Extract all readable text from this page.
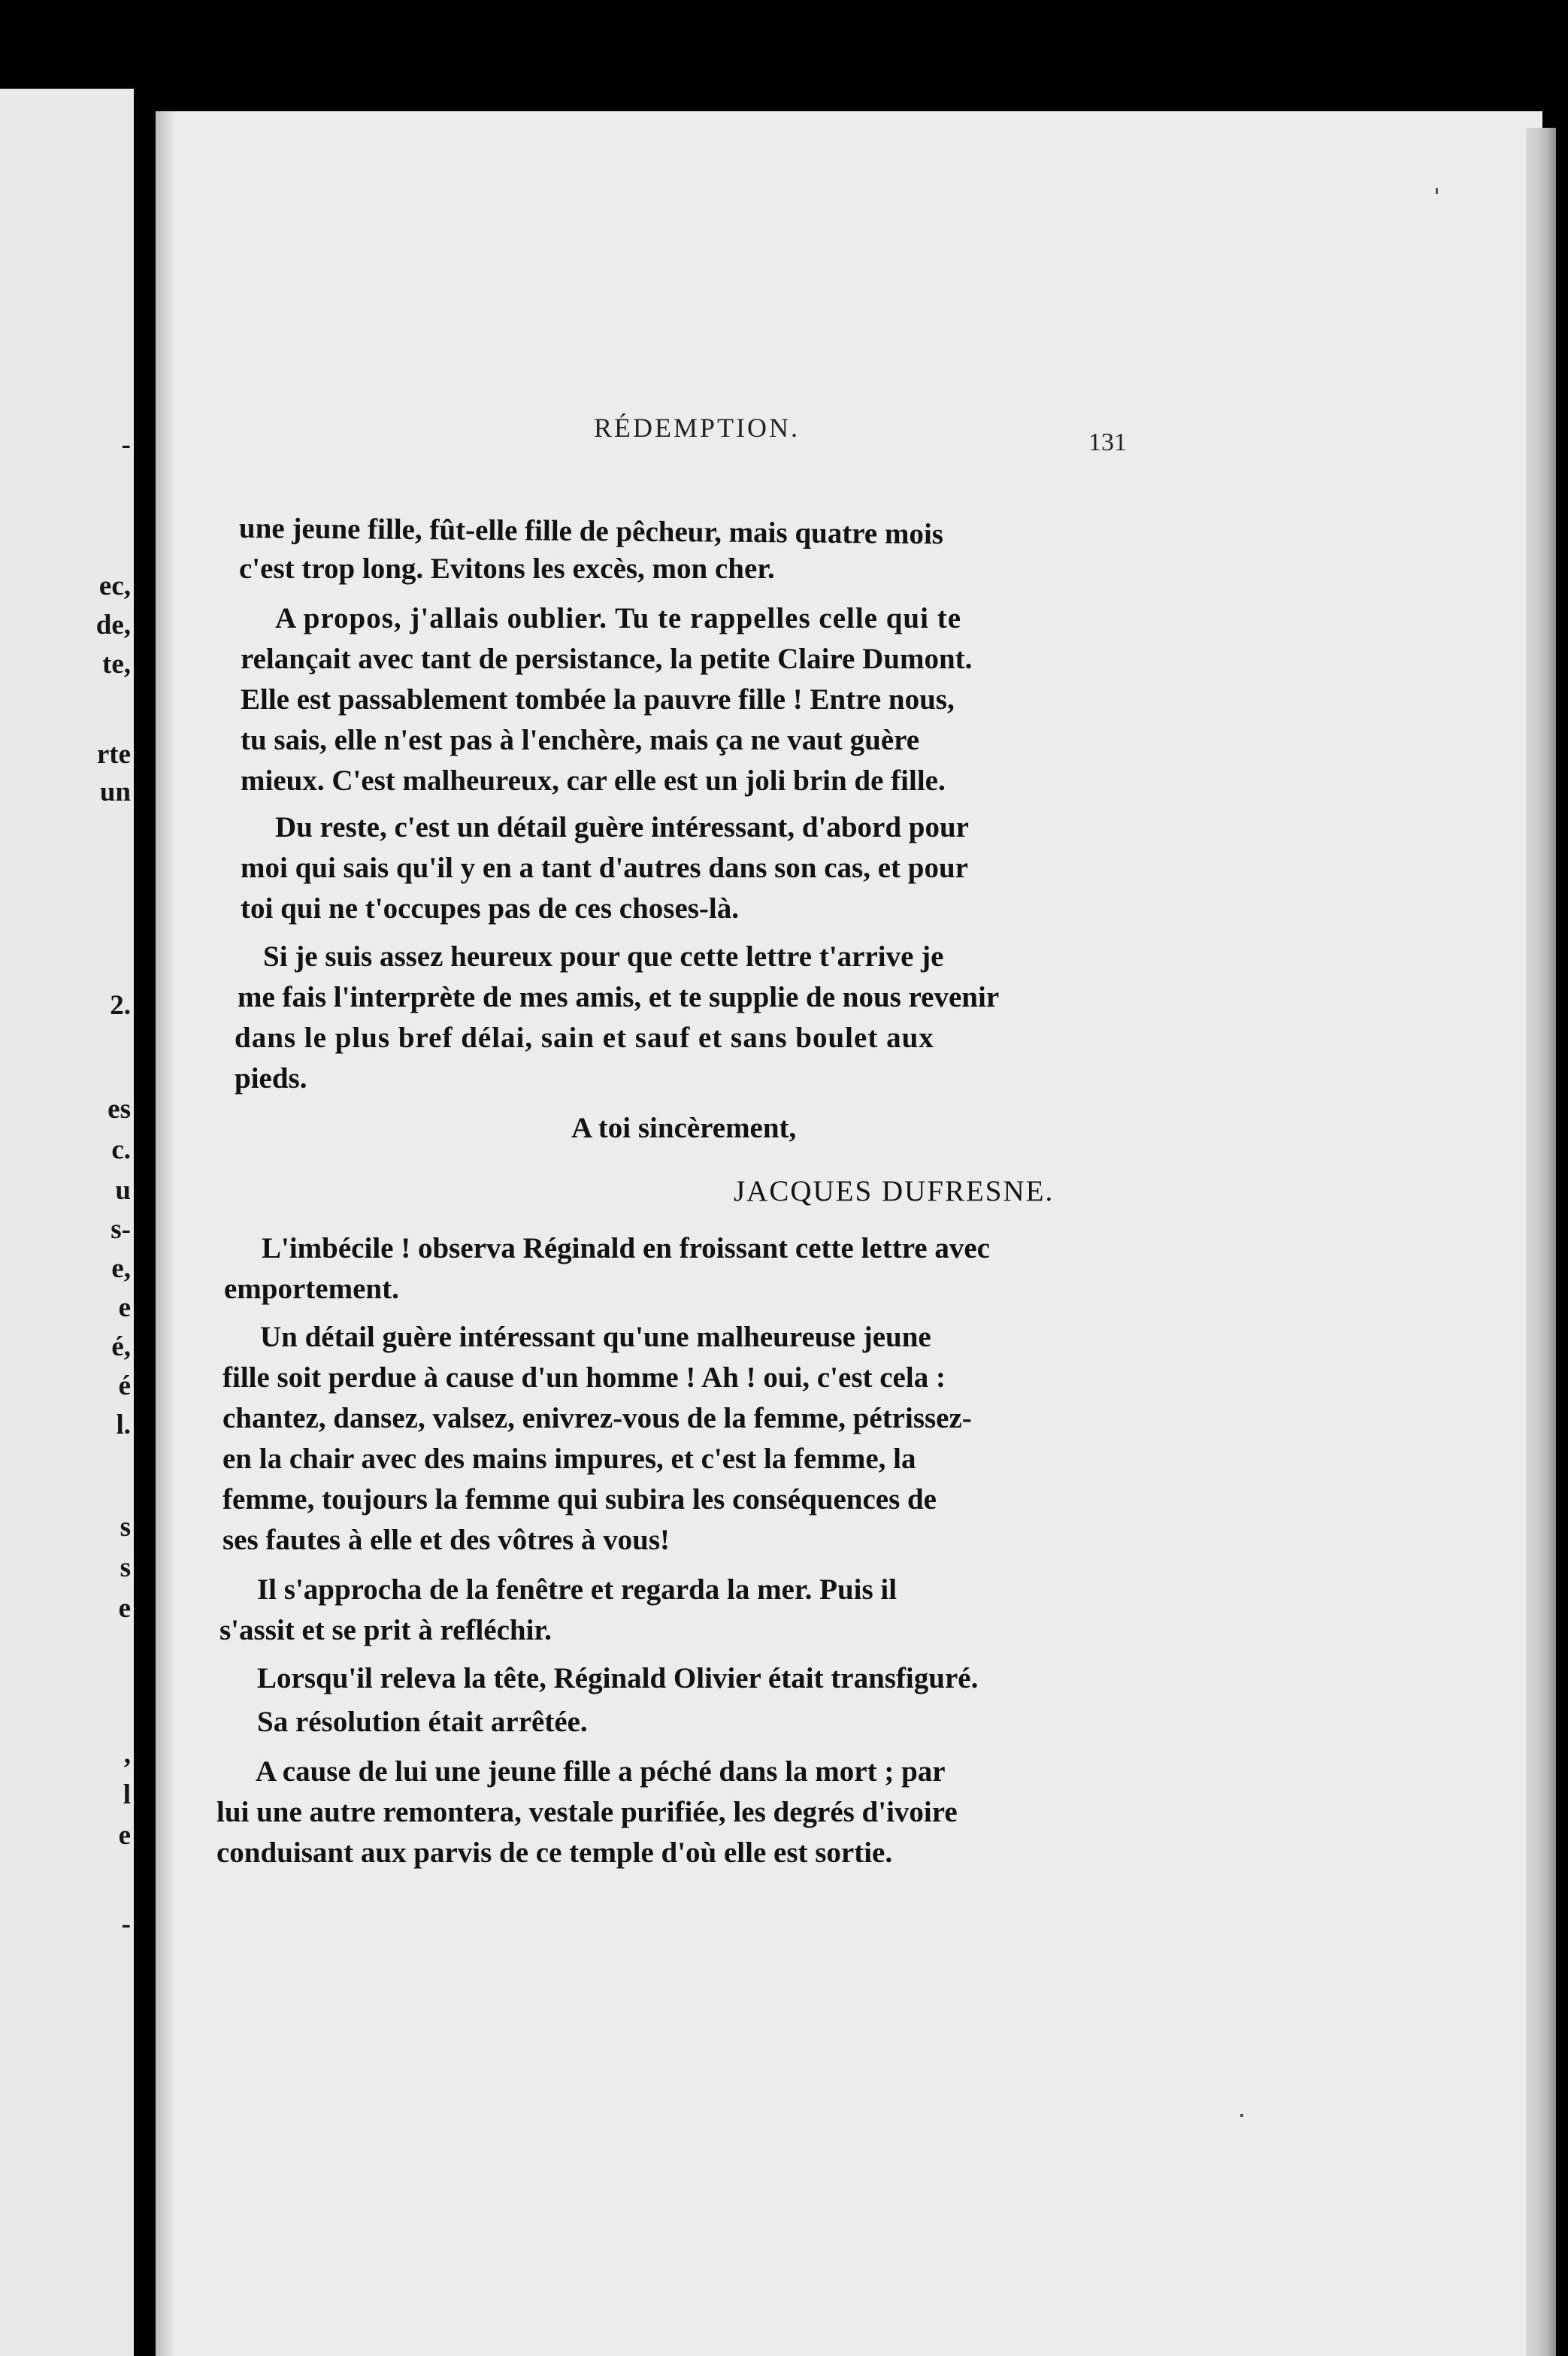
-
ec,
de,
te,
rte
un
2.
es
c.
u
s-
e,
e
é,
é
l.
s
s
e
,
l
e
-
RÉDEMPTION.	131
une jeune fille, fût-elle fille de pêcheur, mais quatre mois
c'est trop long. Evitons les excès, mon cher.
A propos, j'allais oublier. Tu te rappelles celle qui te
relançait avec tant de persistance, la petite Claire Dumont.
Elle est passablement tombée la pauvre fille ! Entre nous,
tu sais, elle n'est pas à l'enchère, mais ça ne vaut guère
mieux. C'est malheureux, car elle est un joli brin de fille.
Du reste, c'est un détail guère intéressant, d'abord pour
moi qui sais qu'il y en a tant d'autres dans son cas, et pour
toi qui ne t'occupes pas de ces choses-là.
Si je suis assez heureux pour que cette lettre t'arrive je
me fais l'interprète de mes amis, et te supplie de nous revenir
dans le plus bref délai, sain et sauf et sans boulet aux
pieds.
A toi sincèrement,
JACQUES DUFRESNE.
L'imbécile ! observa Réginald en froissant cette lettre avec
emportement.
Un détail guère intéressant qu'une malheureuse jeune
fille soit perdue à cause d'un homme ! Ah ! oui, c'est cela :
chantez, dansez, valsez, enivrez-vous de la femme, pétrissez-
en la chair avec des mains impures, et c'est la femme, la
femme, toujours la femme qui subira les conséquences de
ses fautes à elle et des vôtres à vous!
Il s'approcha de la fenêtre et regarda la mer. Puis il
s'assit et se prit à refléchir.
Lorsqu'il releva la tête, Réginald Olivier était transfiguré.
Sa résolution était arrêtée.
A cause de lui une jeune fille a péché dans la mort ; par
lui une autre remontera, vestale purifiée, les degrés d'ivoire
conduisant aux parvis de ce temple d'où elle est sortie.
